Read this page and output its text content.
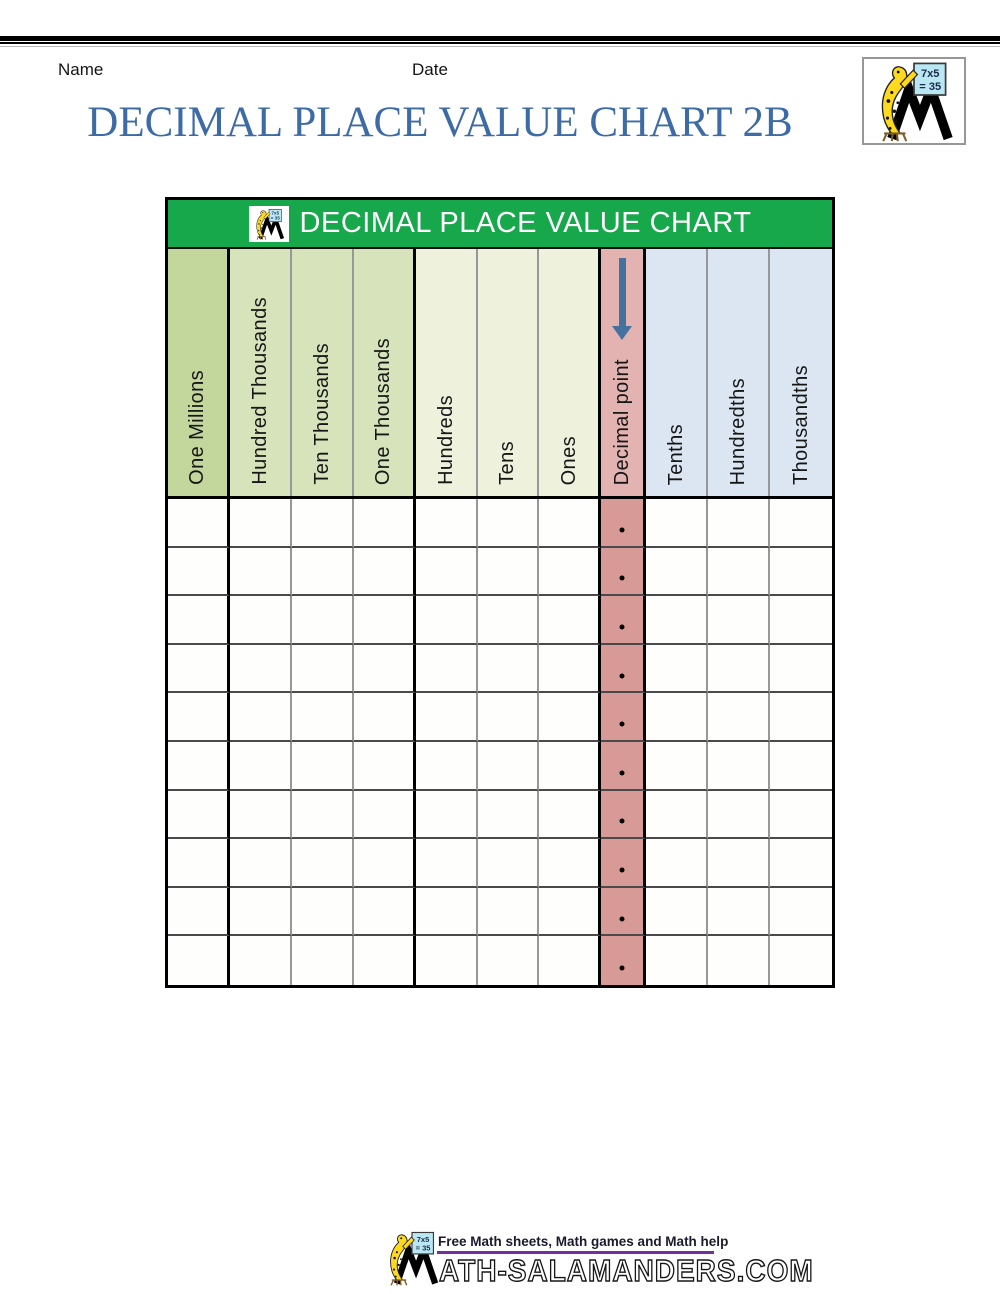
Name	Date
DECIMAL PLACE VALUE CHART 2B
DECIMAL PLACE VALUE CHART
One Millions Hundred Thousands Ten Thousands One Thousands Hundreds Tens Ones Decimal point Tenths Hundredths Thousandths
Free Math sheets, Math games and Math help
ATH-SALAMANDERS.COM
